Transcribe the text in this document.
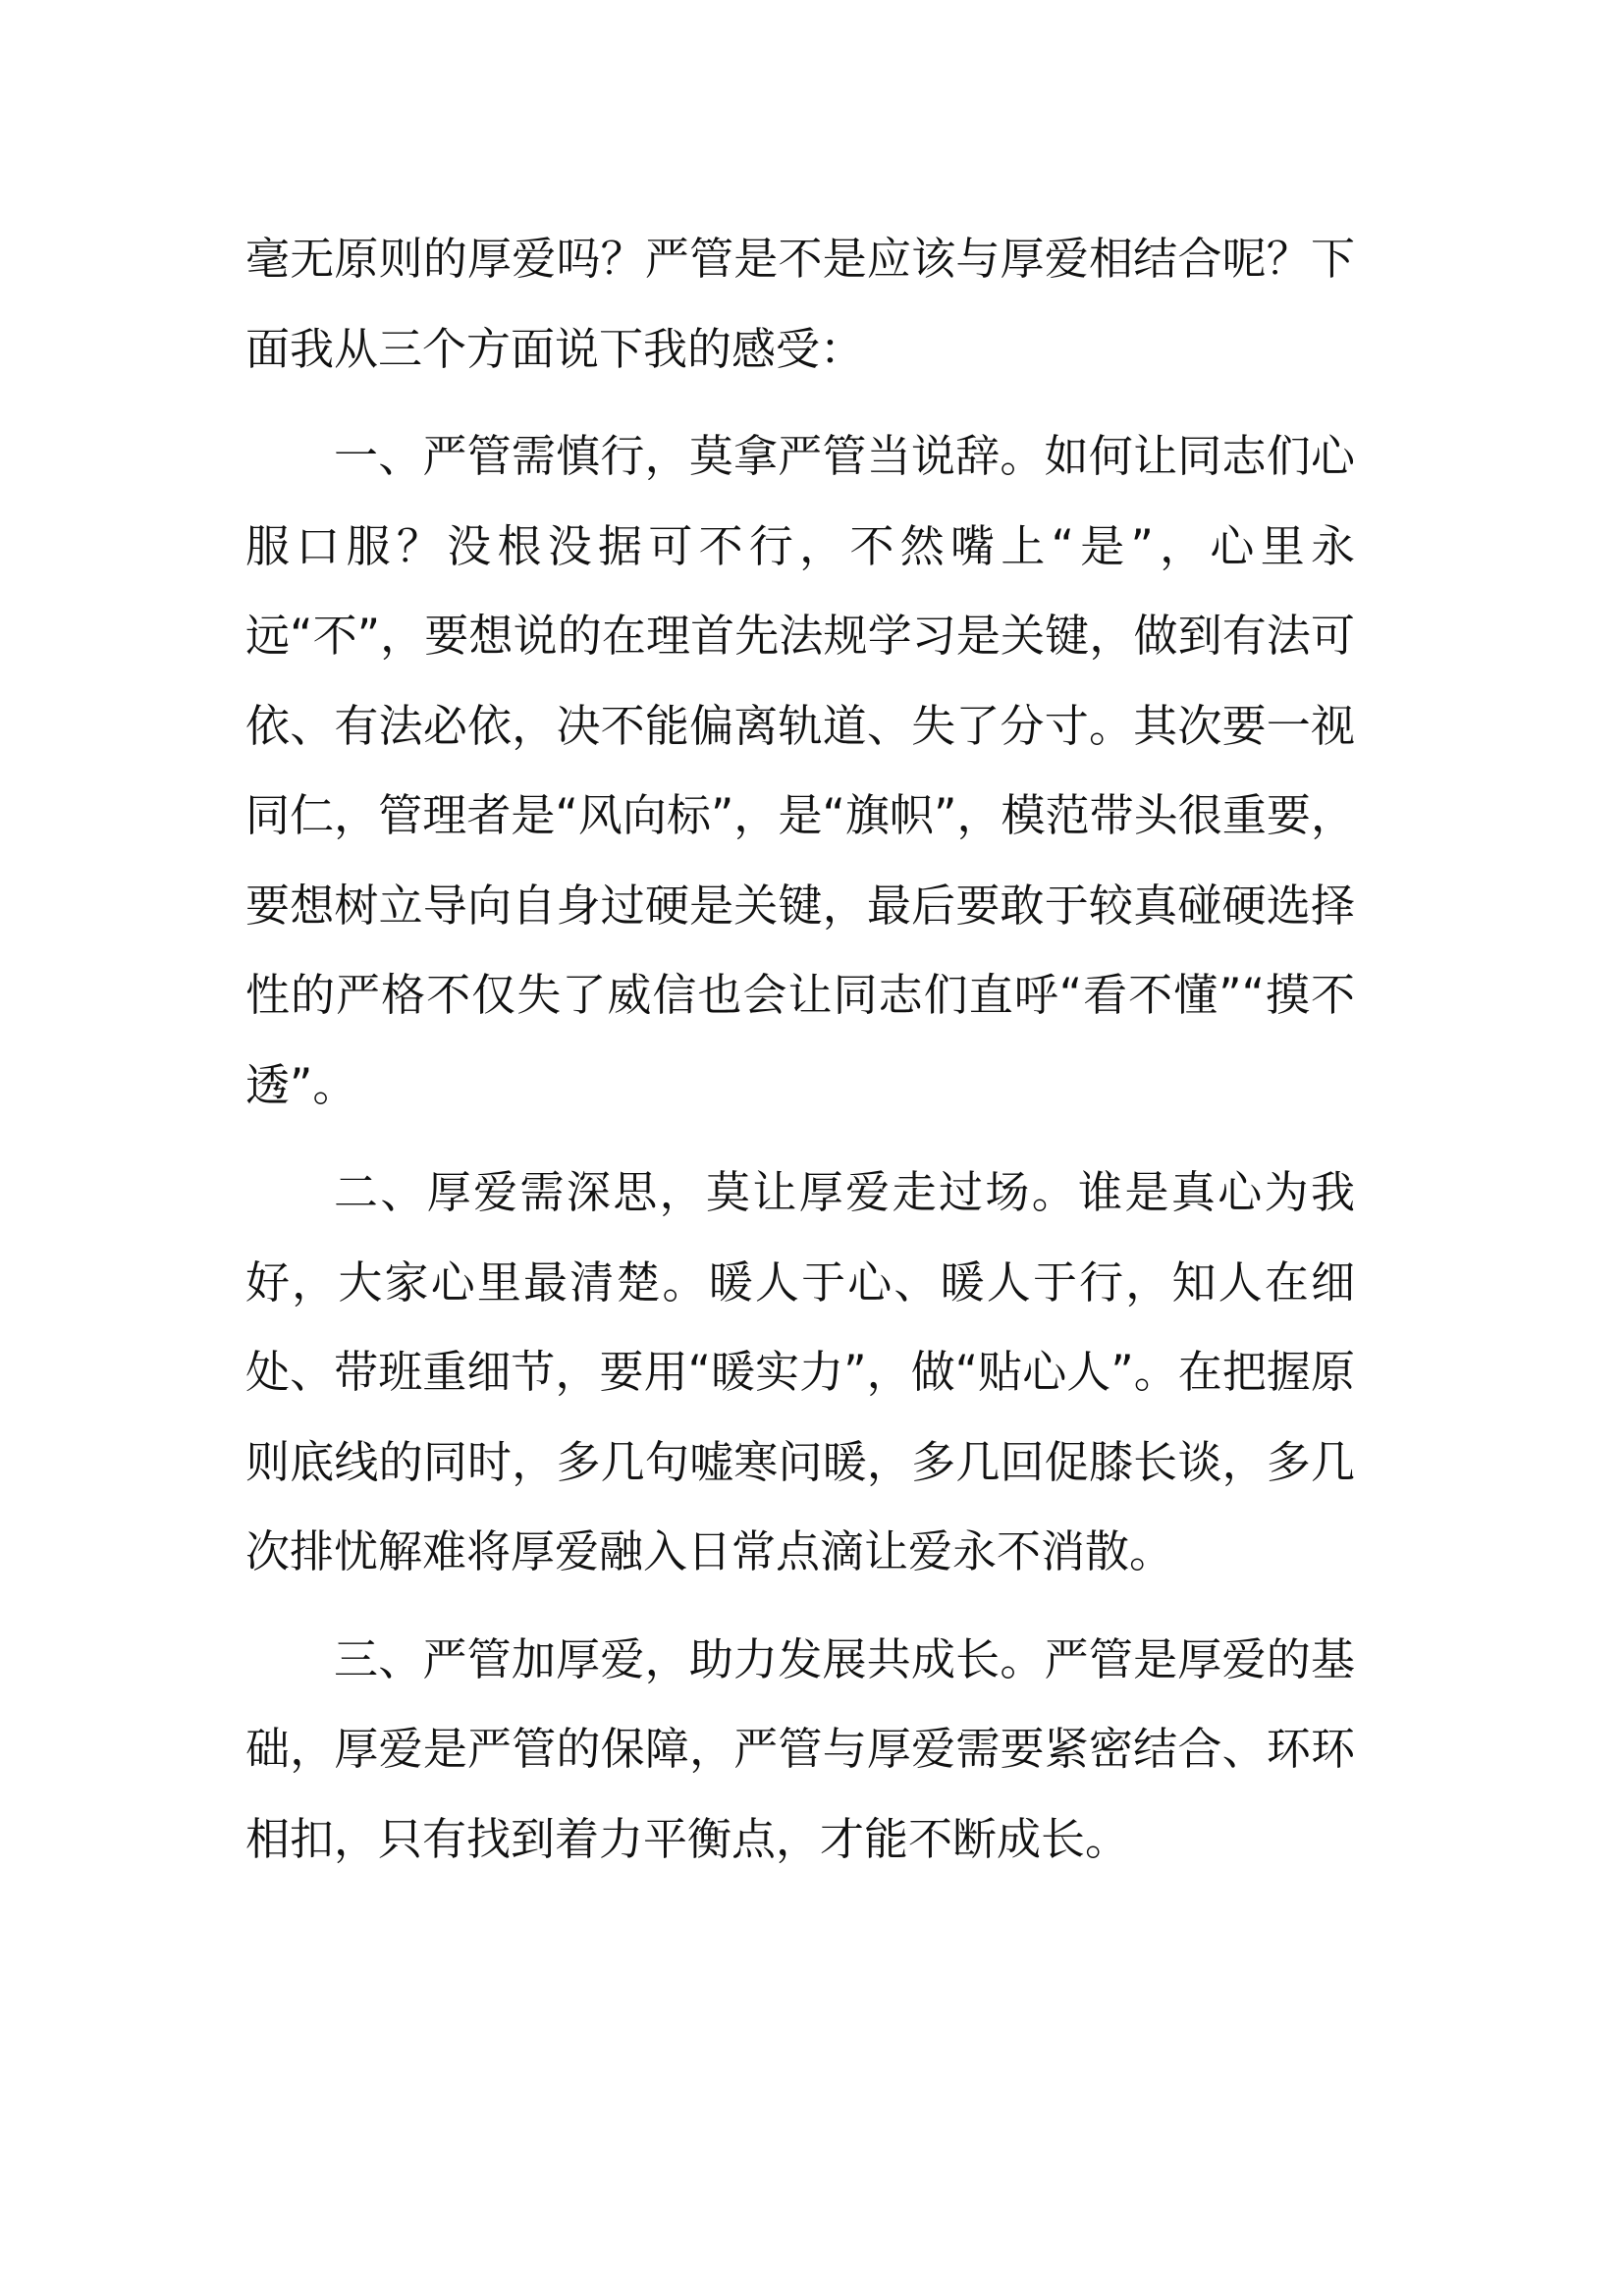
毫无原则的厚爱吗？严管是不是应该与厚爱相结合呢？下面我从三个方面说下我的感受：

一、严管需慎行，莫拿严管当说辞。如何让同志们心服口服？没根没据可不行，不然嘴上“是”，心里永远“不”，要想说的在理首先法规学习是关键，做到有法可依、有法必依，决不能偏离轨道、失了分寸。其次要一视同仁，管理者是“风向标”，是“旗帜”，模范带头很重要，要想树立导向自身过硬是关键，最后要敢于较真碰硬选择性的严格不仅失了威信也会让同志们直呼“看不懂”“摸不透”。

二、厚爱需深思，莫让厚爱走过场。谁是真心为我好，大家心里最清楚。暖人于心、暖人于行，知人在细处、带班重细节，要用“暖实力”，做“贴心人”。在把握原则底线的同时，多几句嘘寒问暖，多几回促膝长谈，多几次排忧解难将厚爱融入日常点滴让爱永不消散。

三、严管加厚爱，助力发展共成长。严管是厚爱的基础，厚爱是严管的保障，严管与厚爱需要紧密结合、环环相扣，只有找到着力平衡点，才能不断成长。
